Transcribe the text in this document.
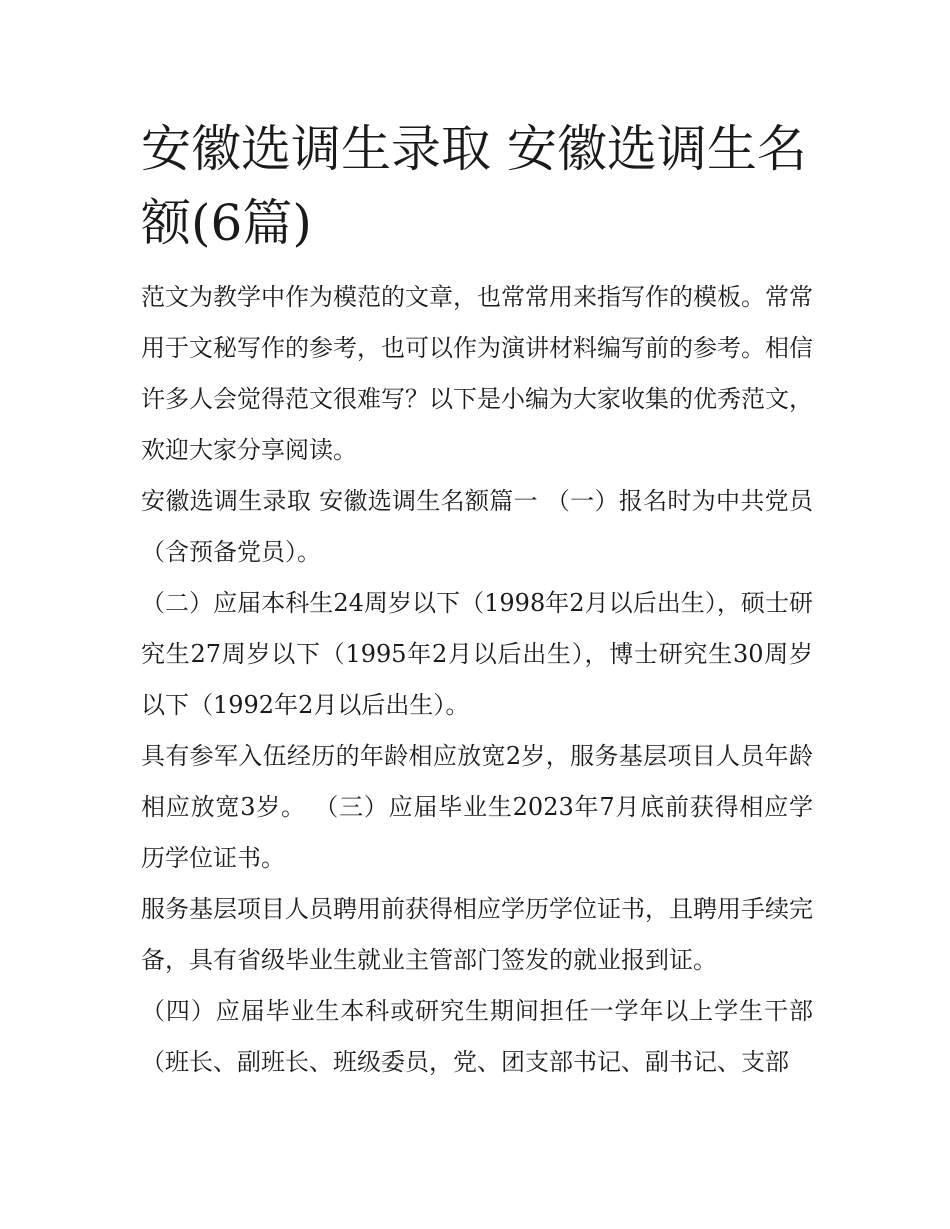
安徽选调生录取 安徽选调生名额(6篇)

范文为教学中作为模范的文章，也常常用来指写作的模板。常常用于文秘写作的参考，也可以作为演讲材料编写前的参考。相信许多人会觉得范文很难写？以下是小编为大家收集的优秀范文，欢迎大家分享阅读。

安徽选调生录取 安徽选调生名额篇一 （一）报名时为中共党员（含预备党员）。

（二）应届本科生24周岁以下（1998年2月以后出生），硕士研究生27周岁以下（1995年2月以后出生），博士研究生30周岁以下（1992年2月以后出生）。

具有参军入伍经历的年龄相应放宽2岁，服务基层项目人员年龄相应放宽3岁。 （三）应届毕业生2023年7月底前获得相应学历学位证书。

服务基层项目人员聘用前获得相应学历学位证书，且聘用手续完备，具有省级毕业生就业主管部门签发的就业报到证。

（四）应届毕业生本科或研究生期间担任一学年以上学生干部（班长、副班长、班级委员，党、团支部书记、副书记、支部
